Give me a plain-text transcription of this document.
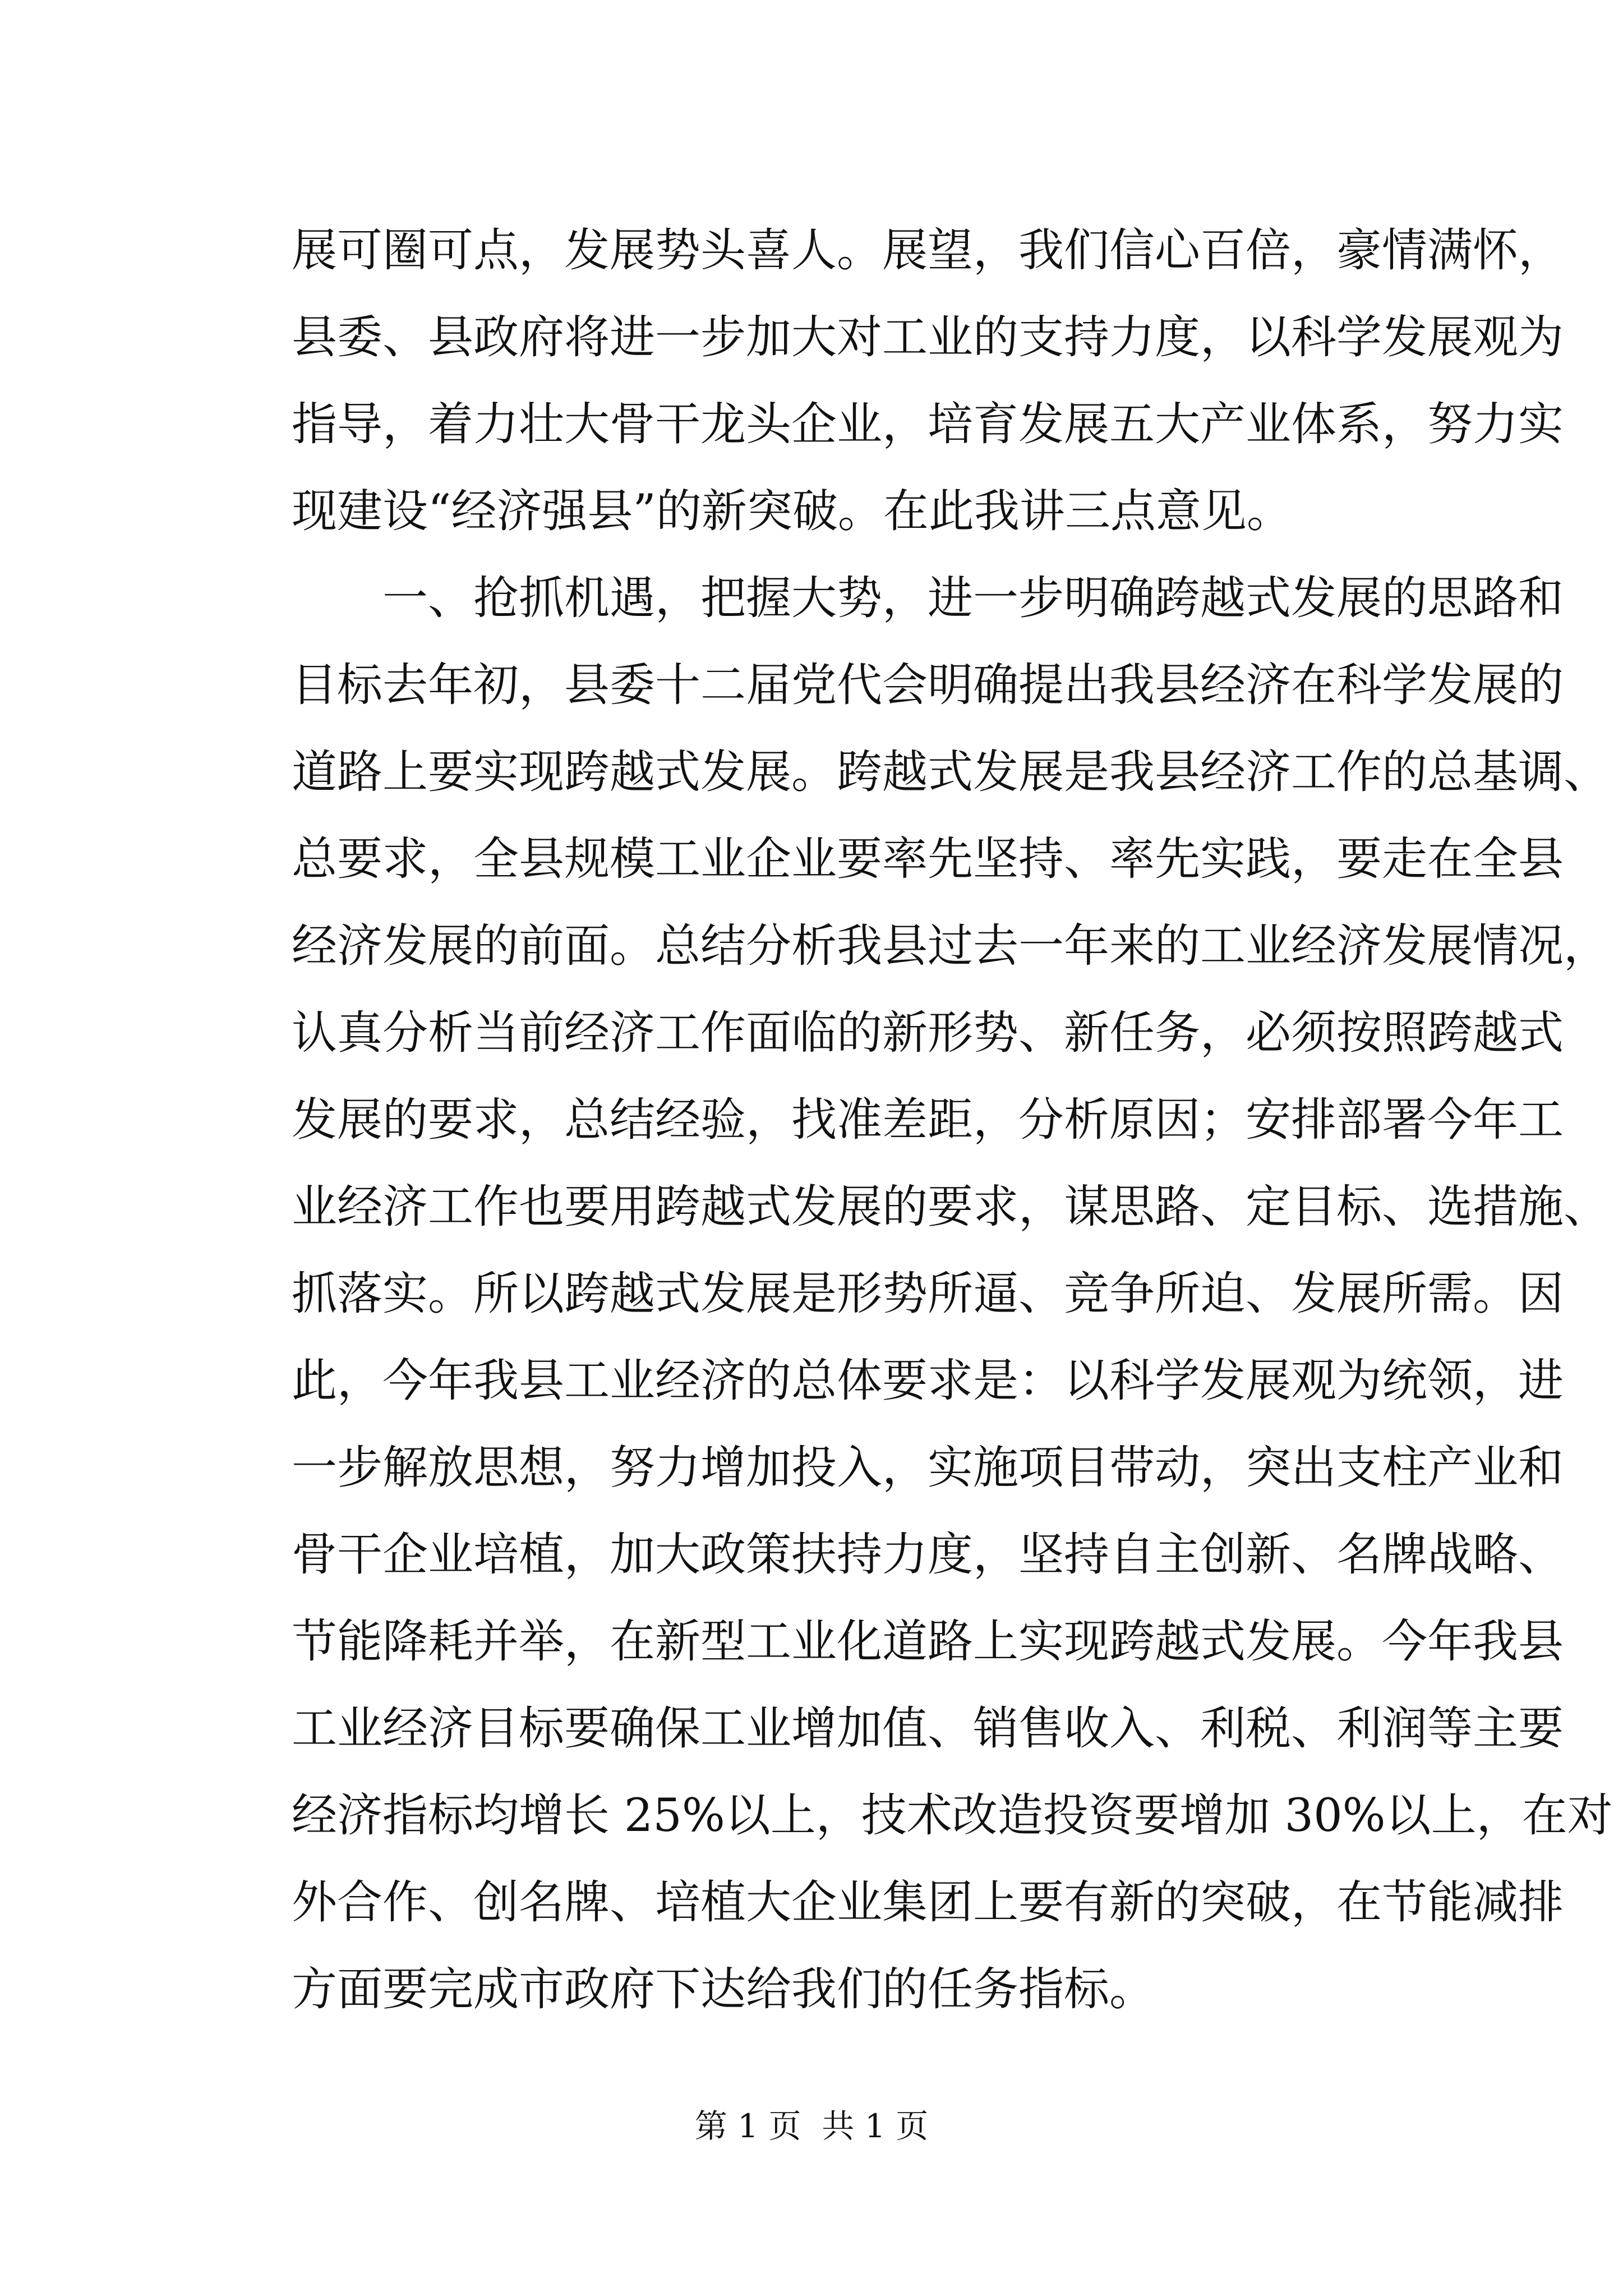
展可圈可点，发展势头喜人。展望，我们信心百倍，豪情满怀，
县委、县政府将进一步加大对工业的支持力度，以科学发展观为
指导，着力壮大骨干龙头企业，培育发展五大产业体系，努力实
现建设“经济强县”的新突破。在此我讲三点意见。
　　一、抢抓机遇，把握大势，进一步明确跨越式发展的思路和
目标去年初，县委十二届党代会明确提出我县经济在科学发展的
道路上要实现跨越式发展。跨越式发展是我县经济工作的总基调、
总要求，全县规模工业企业要率先坚持、率先实践，要走在全县
经济发展的前面。总结分析我县过去一年来的工业经济发展情况，
认真分析当前经济工作面临的新形势、新任务，必须按照跨越式
发展的要求，总结经验，找准差距，分析原因；安排部署今年工
业经济工作也要用跨越式发展的要求，谋思路、定目标、选措施、
抓落实。所以跨越式发展是形势所逼、竞争所迫、发展所需。因
此，今年我县工业经济的总体要求是：以科学发展观为统领，进
一步解放思想，努力增加投入，实施项目带动，突出支柱产业和
骨干企业培植，加大政策扶持力度，坚持自主创新、名牌战略、
节能降耗并举，在新型工业化道路上实现跨越式发展。今年我县
工业经济目标要确保工业增加值、销售收入、利税、利润等主要
经济指标均增长 25%以上，技术改造投资要增加 30%以上，在对
外合作、创名牌、培植大企业集团上要有新的突破，在节能减排
方面要完成市政府下达给我们的任务指标。
第 1 页  共 1 页
